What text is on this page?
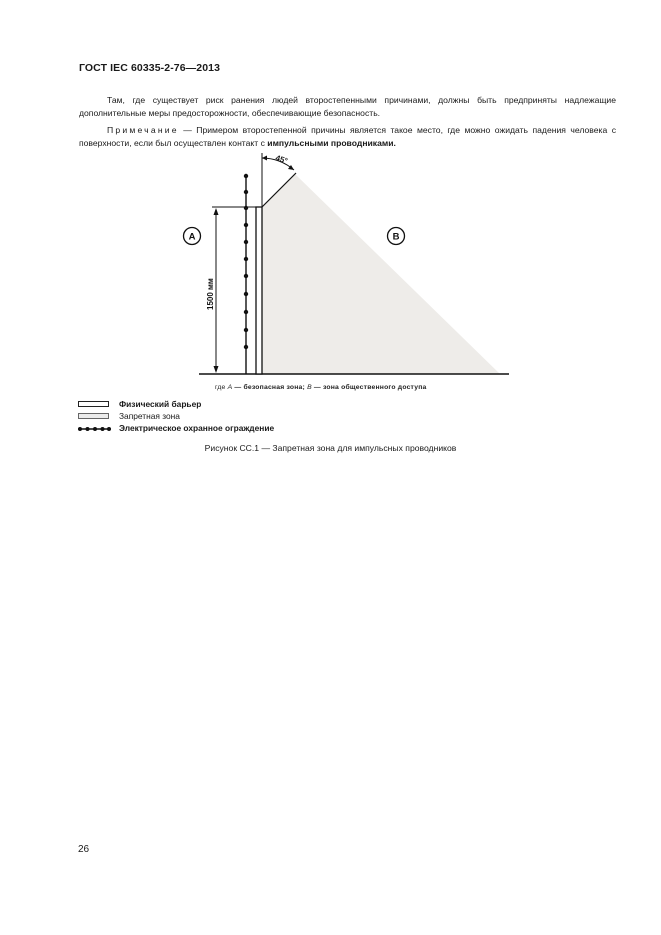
ГОСТ IEC 60335-2-76—2013
Там, где существует риск ранения людей второстепенными причинами, должны быть предприняты надлежащие дополнительные меры предосторожности, обеспечивающие безопасность.
Примечание — Примером второстепенной причины является такое место, где можно ожидать падения человека с поверхности, если был осуществлен контакт с импульсными проводниками.
45°
1500 мм
A	B
где A — безопасная зона; B — зона общественного доступа
Физический барьер
Запретная зона
Электрическое охранное ограждение
Рисунок СС.1 — Запретная зона для импульсных проводников
26
